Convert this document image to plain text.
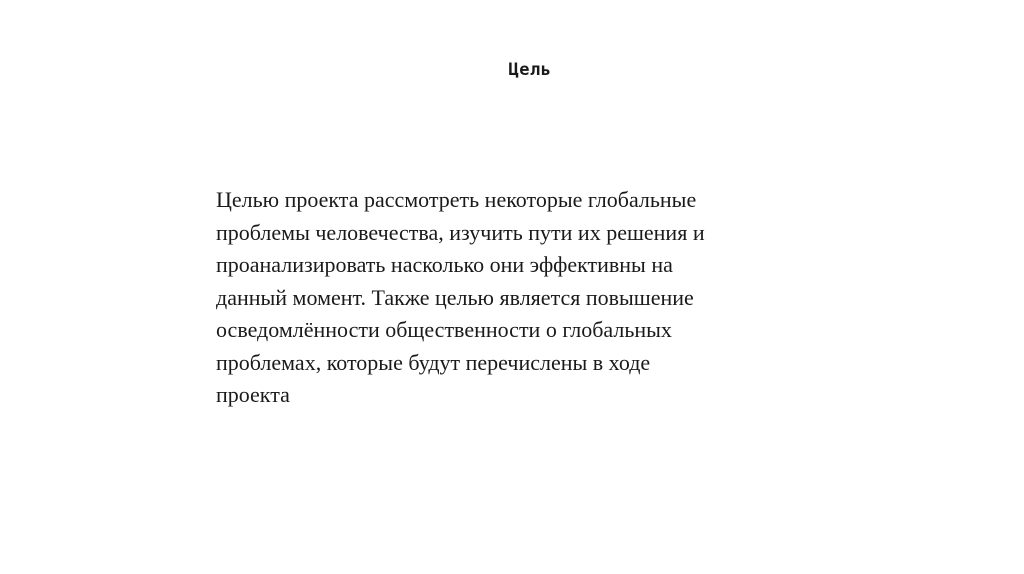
Цель
Целью проекта рассмотреть некоторые глобальные
проблемы человечества, изучить пути их решения и
проанализировать насколько они эффективны на
данный момент. Также целью является повышение
осведомлённости общественности о глобальных
проблемах, которые будут перечислены в ходе
проекта
